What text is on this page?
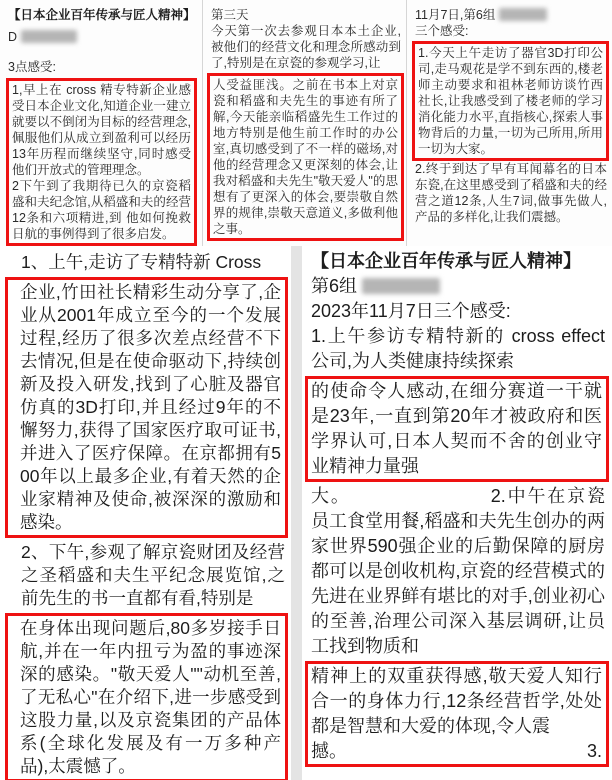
【日本企业百年传承与匠人精神】
D
3点感受:
1,早上在 cross 精专特新企业感受日本企业文化,知道企业一建立就要以不倒闭为目标的经营理念,佩服他们从成立到盈利可以经历13年历程而继续坚守,同时感受他们开放式的管理理念。
2下午到了我期待已久的京瓷稻盛和夫纪念馆,从稻盛和夫的经营12条和六项精进,到 他如何挽救日航的事例得到了很多启发。
第三天
今天第一次去参观日本本土企业,被他们的经营文化和理念所感动到了,特别是在京瓷的参观学习,让
人受益匪浅。之前在书本上对京瓷和稻盛和夫先生的事迹有所了解,今天能亲临稻盛先生工作过的地方特别是他生前工作时的办公室,真切感受到了不一样的磁场,对他的经营理念又更深刻的体会,让我对稻盛和夫先生"敬天爱人"的思想有了更深入的体会,要崇敬自然界的规律,崇敬天意道义,多做利他之事。
11月7日,第6组
三个感受:
1.今天上午走访了器官3D打印公司,走马观花是学不到东西的,楼老师主动要求和祖林老师访谈竹西社长,让我感受到了楼老师的学习消化能力水平,直指核心,探索人事物背后的力量,一切为己所用,所用一切为大家。
2.终于到达了早有耳闻幕名的日本东瓷,在这里感受到了稻盛和夫的经营之道12条,人生7词,做事先做人,产品的多样化,让我们震撼。
1、上午,走访了专精特新 Cross
企业,竹田社长精彩生动分享了,企业从2001年成立至今的一个发展过程,经历了很多次差点经营不下去情况,但是在使命驱动下,持续创新及投入研发,找到了心脏及器官仿真的3D打印,并且经过9年的不懈努力,获得了国家医疗取可证书,并进入了医疗保障。在京都拥有500年以上最多企业,有着天然的企业家精神及使命,被深深的激励和感染。
2、下午,参观了解京瓷财团及经营之圣稻盛和夫生平纪念展览馆,之前先生的书一直都有看,特别是
在身体出现问题后,80多岁接手日航,并在一年内扭亏为盈的事迹深深的感染。"敬天爱人""动机至善,了无私心"在介绍下,进一步感受到这股力量,以及京瓷集团的产品体系(全球化发展及有一万多种产品),太震憾了。
【日本企业百年传承与匠人精神】
第6组
2023年11月7日三个感受:
1.上午参访专精特新的 cross effect 公司,为人类健康持续探索
的使命令人感动,在细分赛道一干就是23年,一直到第20年才被政府和医学界认可,日本人契而不舍的创业守业精神力量强
大。	2.中午在京瓷员工食堂用餐,稻盛和夫先生创办的两家世界590强企业的后勤保障的厨房都可以是创收机构,京瓷的经营模式的先进在业界鲜有堪比的对手,创业初心的至善,治理公司深入基层调研,让员工找到物质和
精神上的双重获得感,敬天爱人知行合一的身体力行,12条经营哲学,处处都是智慧和大爱的体现,令人震
撼。	3.
